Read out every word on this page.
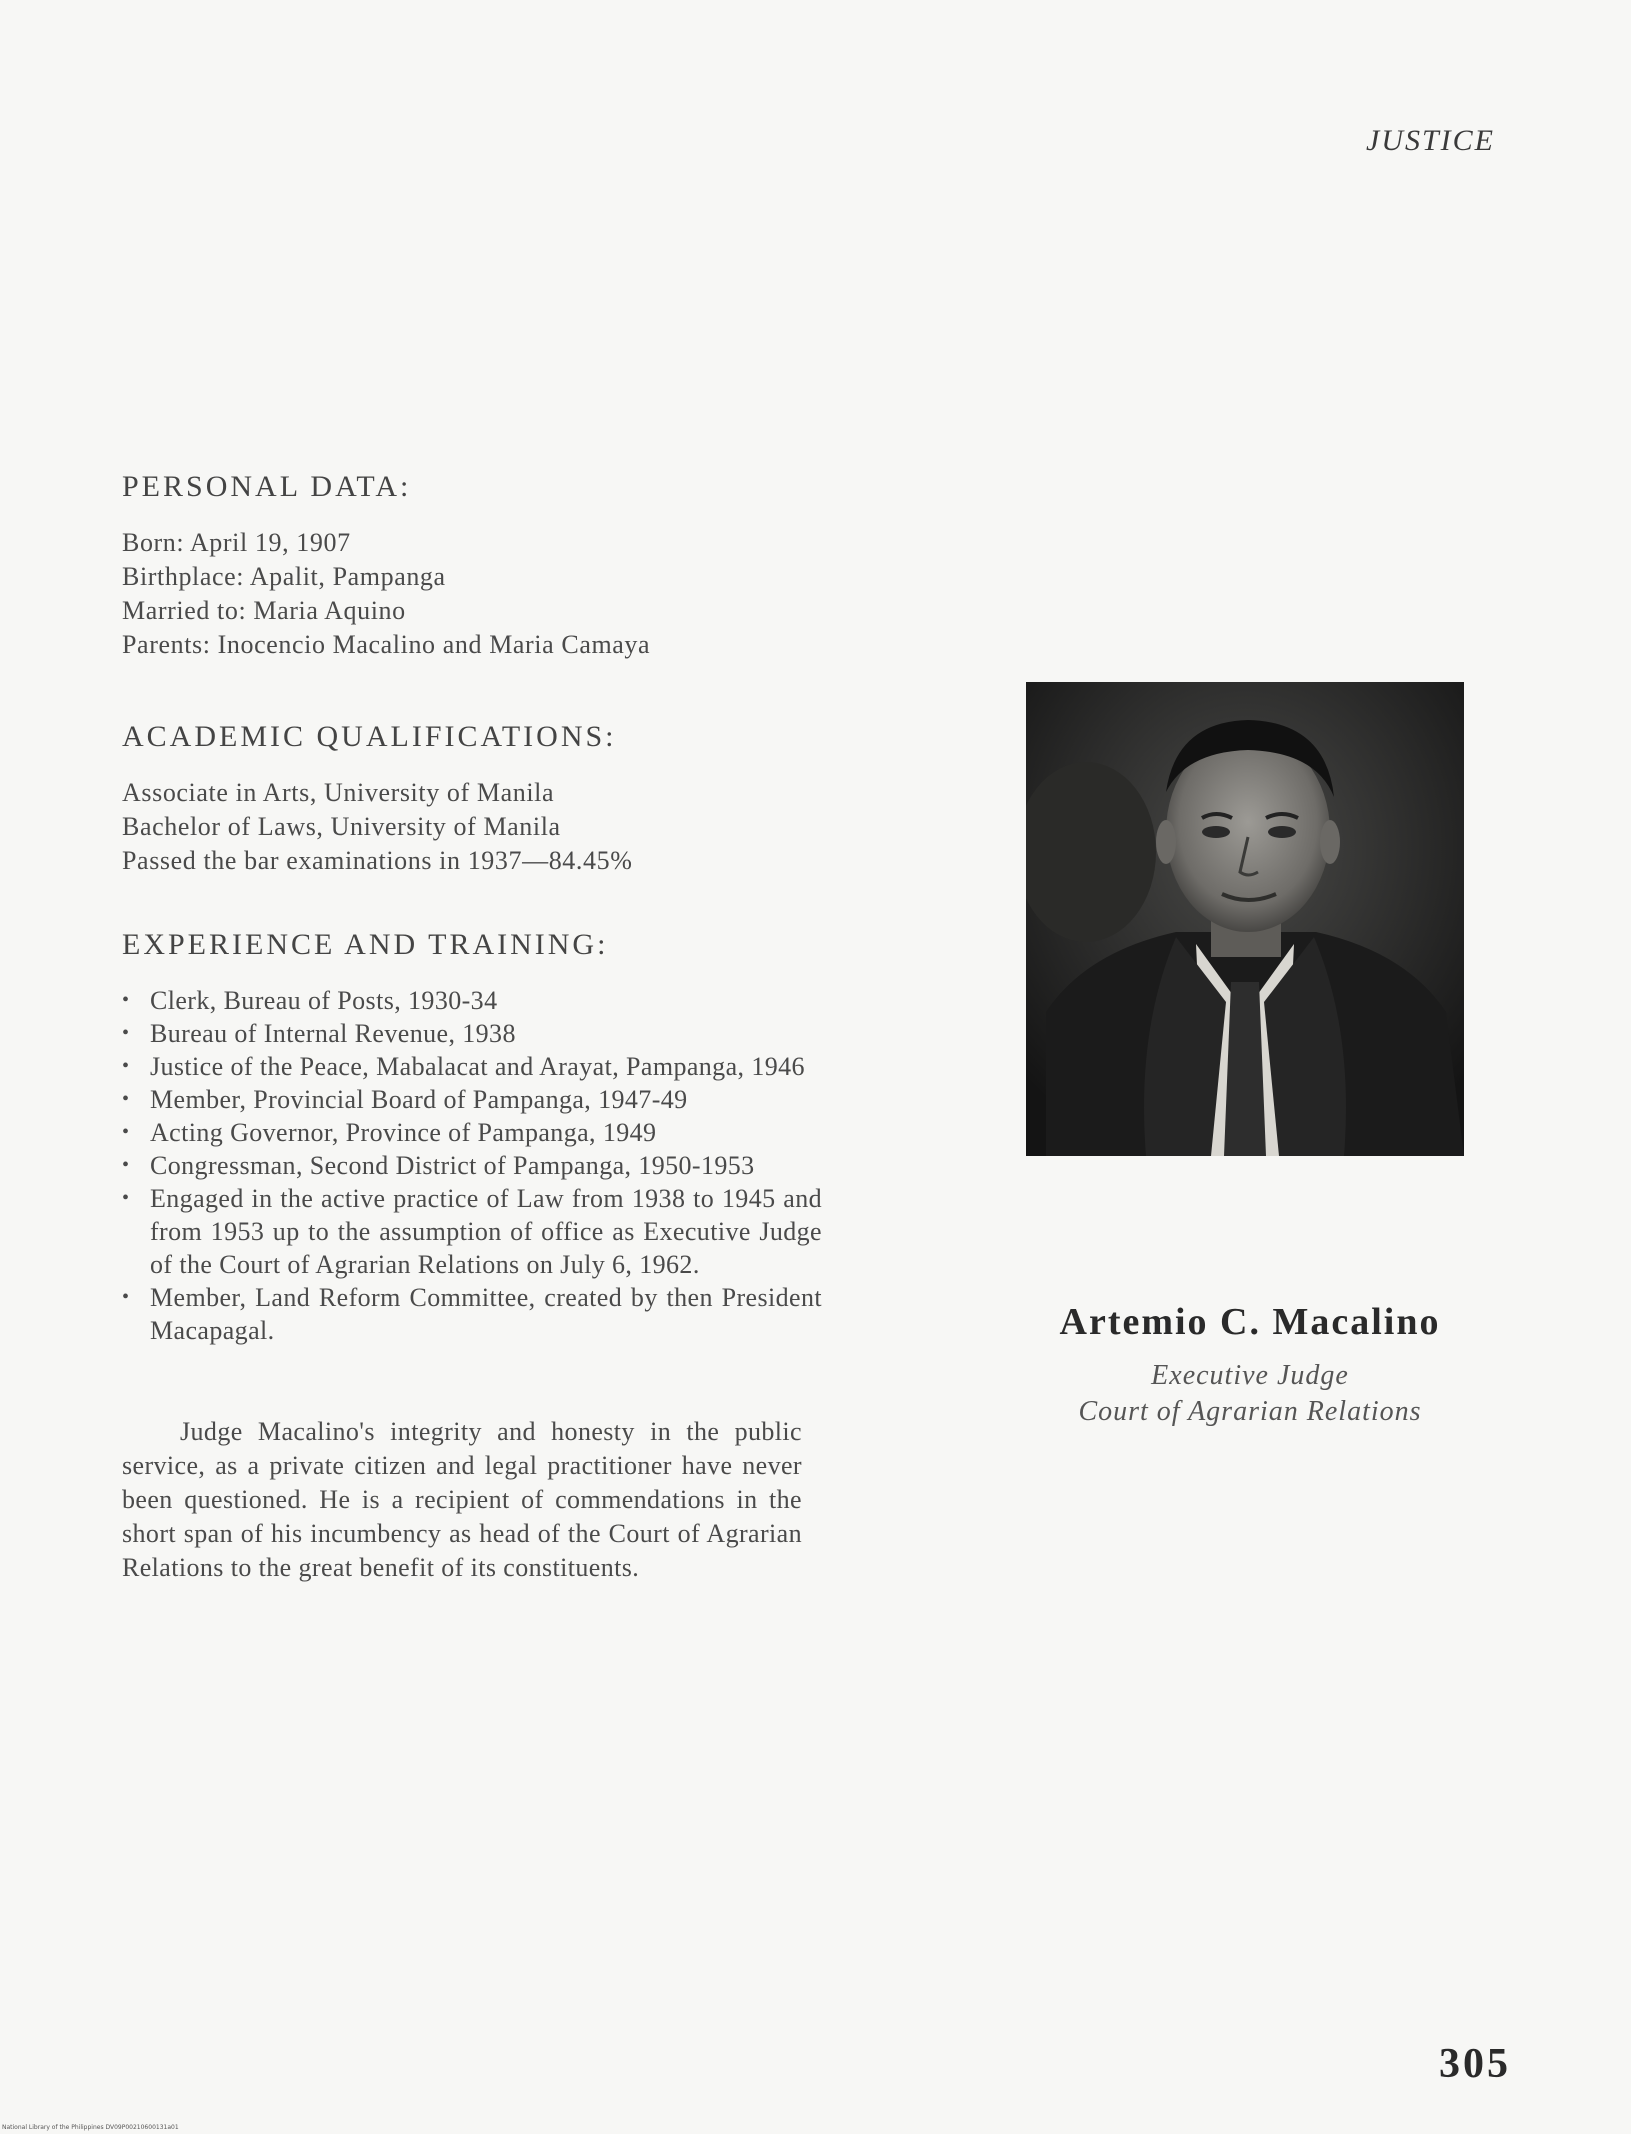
JUSTICE
PERSONAL DATA:
Born: April 19, 1907
Birthplace: Apalit, Pampanga
Married to: Maria Aquino
Parents: Inocencio Macalino and Maria Camaya
ACADEMIC QUALIFICATIONS:
Associate in Arts, University of Manila
Bachelor of Laws, University of Manila
Passed the bar examinations in 1937—84.45%
EXPERIENCE AND TRAINING:
• Clerk, Bureau of Posts, 1930-34
• Bureau of Internal Revenue, 1938
• Justice of the Peace, Mabalacat and Arayat, Pampanga, 1946
• Member, Provincial Board of Pampanga, 1947-49
• Acting Governor, Province of Pampanga, 1949
• Congressman, Second District of Pampanga, 1950-1953
• Engaged in the active practice of Law from 1938 to 1945 and from 1953 up to the assumption of office as Executive Judge of the Court of Agrarian Relations on July 6, 1962.
• Member, Land Reform Committee, created by then President Macapagal.
Judge Macalino's integrity and honesty in the public service, as a private citizen and legal practitioner have never been questioned. He is a recipient of commendations in the short span of his incumbency as head of the Court of Agrarian Relations to the great benefit of its constituents.
Artemio C. Macalino
Executive Judge
Court of Agrarian Relations
305
National Library of the Philippines DV09P00210600131a01
